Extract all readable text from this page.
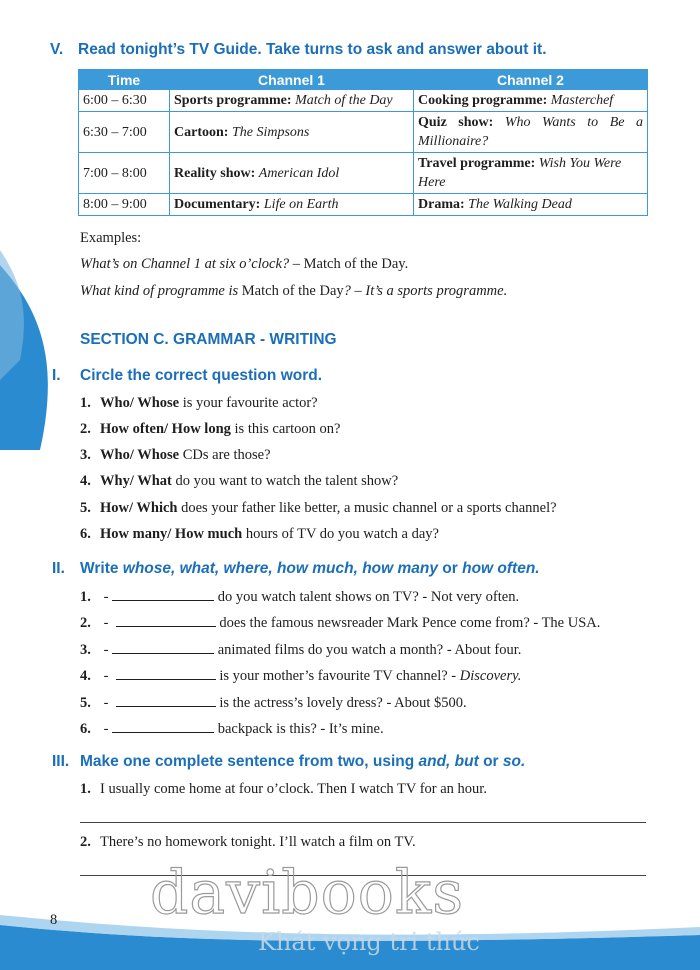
V. Read tonight’s TV Guide. Take turns to ask and answer about it.
Time	Channel 1	Channel 2
6:00 – 6:30	Sports programme: Match of the Day	Cooking programme: Masterchef
6:30 – 7:00	Cartoon: The Simpsons	Quiz show: Who Wants to Be a Millionaire?
7:00 – 8:00	Reality show: American Idol	Travel programme: Wish You Were Here
8:00 – 9:00	Documentary: Life on Earth	Drama: The Walking Dead
Examples:
What’s on Channel 1 at six o’clock? – Match of the Day.
What kind of programme is Match of the Day? – It’s a sports programme.
SECTION C. GRAMMAR - WRITING
I. Circle the correct question word.
1. Who/ Whose is your favourite actor?
2. How often/ How long is this cartoon on?
3. Who/ Whose CDs are those?
4. Why/ What do you want to watch the talent show?
5. How/ Which does your father like better, a music channel or a sports channel?
6. How many/ How much hours of TV do you watch a day?
II. Write whose, what, where, how much, how many or how often.
1. -	do you watch talent shows on TV? - Not very often.
2. -	does the famous newsreader Mark Pence come from? - The USA.
3. -	animated films do you watch a month? - About four.
4. -	is your mother’s favourite TV channel? - Discovery.
5. -	is the actress’s lovely dress? - About $500.
6. -	backpack is this? - It’s mine.
III. Make one complete sentence from two, using and, but or so.
1. I usually come home at four o’clock. Then I watch TV for an hour.
2. There’s no homework tonight. I’ll watch a film on TV.
davibooks
Khát vọng tri thức
8
